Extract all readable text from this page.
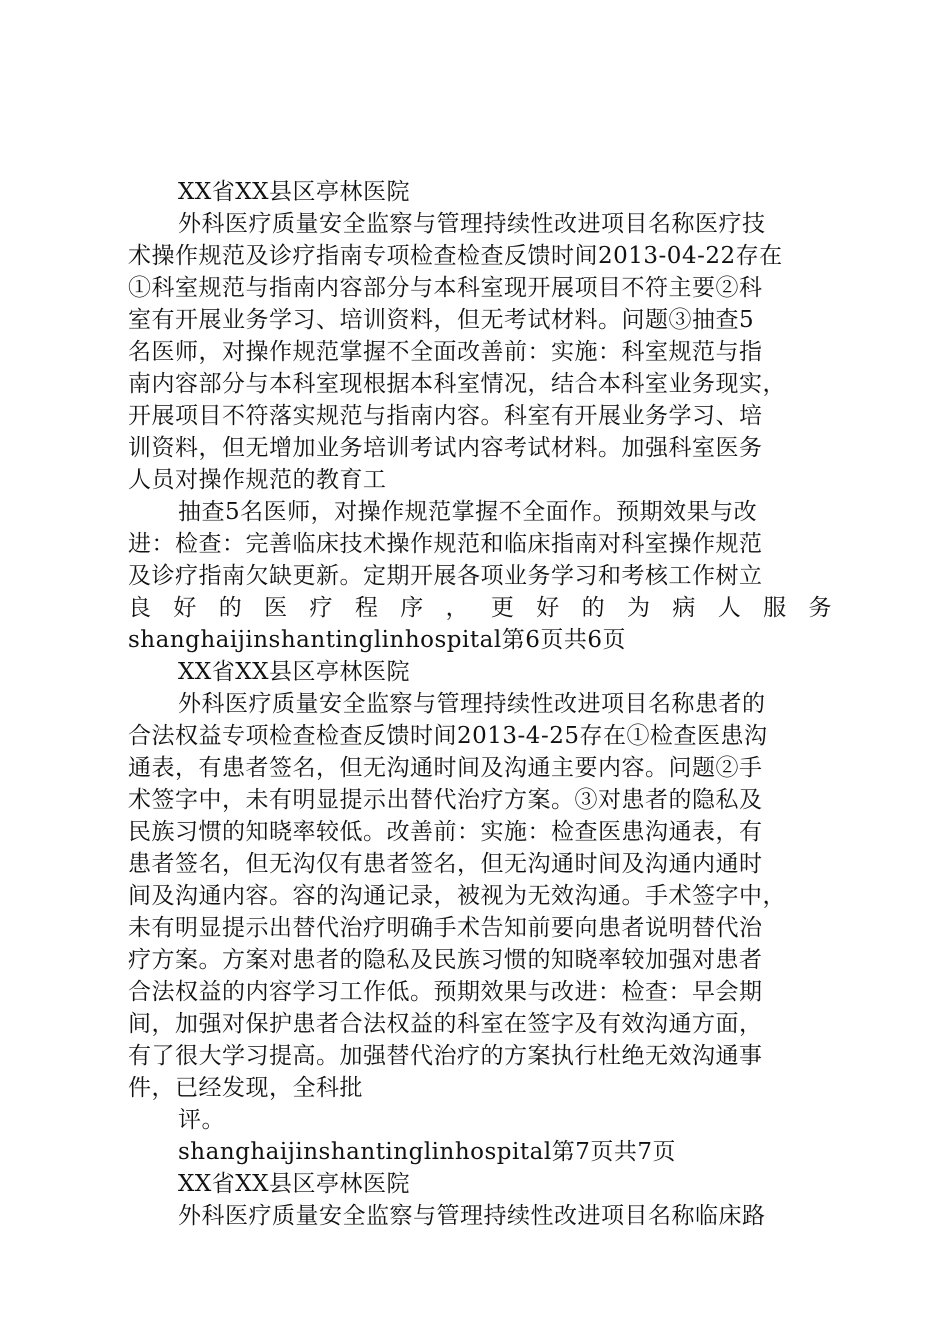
XX省XX县区亭林医院
外科医疗质量安全监察与管理持续性改进项目名称医疗技
术操作规范及诊疗指南专项检查检查反馈时间2013-04-22存在
①科室规范与指南内容部分与本科室现开展项目不符主要②科
室有开展业务学习、培训资料，但无考试材料。问题③抽查5
名医师，对操作规范掌握不全面改善前：实施：科室规范与指
南内容部分与本科室现根据本科室情况，结合本科室业务现实，
开展项目不符落实规范与指南内容。科室有开展业务学习、培
训资料，但无增加业务培训考试内容考试材料。加强科室医务
人员对操作规范的教育工
抽查5名医师，对操作规范掌握不全面作。预期效果与改
进：检查：完善临床技术操作规范和临床指南对科室操作规范
及诊疗指南欠缺更新。定期开展各项业务学习和考核工作树立
良 好 的 医 疗 程 序 ， 更 好 的 为 病 人 服 务
shanghaijinshantinglinhospital第6页共6页
XX省XX县区亭林医院
外科医疗质量安全监察与管理持续性改进项目名称患者的
合法权益专项检查检查反馈时间2013-4-25存在①检查医患沟
通表，有患者签名，但无沟通时间及沟通主要内容。问题②手
术签字中，未有明显提示出替代治疗方案。③对患者的隐私及
民族习惯的知晓率较低。改善前：实施：检查医患沟通表，有
患者签名，但无沟仅有患者签名，但无沟通时间及沟通内通时
间及沟通内容。容的沟通记录，被视为无效沟通。手术签字中，
未有明显提示出替代治疗明确手术告知前要向患者说明替代治
疗方案。方案对患者的隐私及民族习惯的知晓率较加强对患者
合法权益的内容学习工作低。预期效果与改进：检查：早会期
间，加强对保护患者合法权益的科室在签字及有效沟通方面，
有了很大学习提高。加强替代治疗的方案执行杜绝无效沟通事
件，已经发现，全科批
评。
shanghaijinshantinglinhospital第7页共7页
XX省XX县区亭林医院
外科医疗质量安全监察与管理持续性改进项目名称临床路
